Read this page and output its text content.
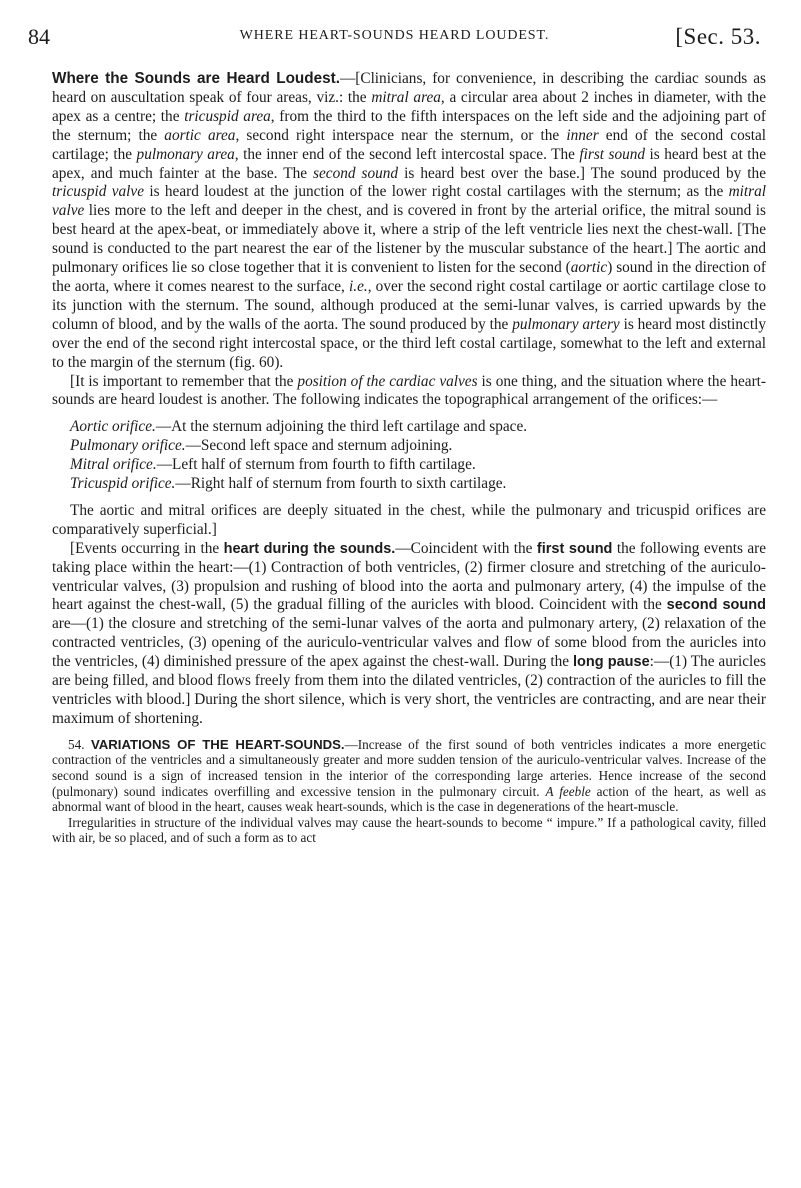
84	WHERE HEART-SOUNDS HEARD LOUDEST.	[Sec. 53.

Where the Sounds are Heard Loudest.—[Clinicians, for convenience, in describing the cardiac sounds as heard on auscultation speak of four areas, viz.: the mitral area, a circular area about 2 inches in diameter, with the apex as a centre; the tricuspid area, from the third to the fifth interspaces on the left side and the adjoining part of the sternum; the aortic area, second right interspace near the sternum, or the inner end of the second costal cartilage; the pulmonary area, the inner end of the second left intercostal space. The first sound is heard best at the apex, and much fainter at the base. The second sound is heard best over the base.] The sound produced by the tricuspid valve is heard loudest at the junction of the lower right costal cartilages with the sternum; as the mitral valve lies more to the left and deeper in the chest, and is covered in front by the arterial orifice, the mitral sound is best heard at the apex-beat, or immediately above it, where a strip of the left ventricle lies next the chest-wall. [The sound is conducted to the part nearest the ear of the listener by the muscular substance of the heart.] The aortic and pulmonary orifices lie so close together that it is convenient to listen for the second (aortic) sound in the direction of the aorta, where it comes nearest to the surface, i.e., over the second right costal cartilage or aortic cartilage close to its junction with the sternum. The sound, although produced at the semi-lunar valves, is carried upwards by the column of blood, and by the walls of the aorta. The sound produced by the pulmonary artery is heard most distinctly over the end of the second right intercostal space, or the third left costal cartilage, somewhat to the left and external to the margin of the sternum (fig. 60).

[It is important to remember that the position of the cardiac valves is one thing, and the situation where the heart-sounds are heard loudest is another. The following indicates the topographical arrangement of the orifices:—

Aortic orifice.—At the sternum adjoining the third left cartilage and space.
Pulmonary orifice.—Second left space and sternum adjoining.
Mitral orifice.—Left half of sternum from fourth to fifth cartilage.
Tricuspid orifice.—Right half of sternum from fourth to sixth cartilage.

The aortic and mitral orifices are deeply situated in the chest, while the pulmonary and tricuspid orifices are comparatively superficial.]

[Events occurring in the heart during the sounds.—Coincident with the first sound the following events are taking place within the heart:—(1) Contraction of both ventricles, (2) firmer closure and stretching of the auriculo-ventricular valves, (3) propulsion and rushing of blood into the aorta and pulmonary artery, (4) the impulse of the heart against the chest-wall, (5) the gradual filling of the auricles with blood. Coincident with the second sound are—(1) the closure and stretching of the semi-lunar valves of the aorta and pulmonary artery, (2) relaxation of the contracted ventricles, (3) opening of the auriculo-ventricular valves and flow of some blood from the auricles into the ventricles, (4) diminished pressure of the apex against the chest-wall. During the long pause:—(1) The auricles are being filled, and blood flows freely from them into the dilated ventricles, (2) contraction of the auricles to fill the ventricles with blood.] During the short silence, which is very short, the ventricles are contracting, and are near their maximum of shortening.

54. VARIATIONS OF THE HEART-SOUNDS.—Increase of the first sound of both ventricles indicates a more energetic contraction of the ventricles and a simultaneously greater and more sudden tension of the auriculo-ventricular valves. Increase of the second sound is a sign of increased tension in the interior of the corresponding large arteries. Hence increase of the second (pulmonary) sound indicates overfilling and excessive tension in the pulmonary circuit. A feeble action of the heart, as well as abnormal want of blood in the heart, causes weak heart-sounds, which is the case in degenerations of the heart-muscle.

Irregularities in structure of the individual valves may cause the heart-sounds to become “ impure.” If a pathological cavity, filled with air, be so placed, and of such a form as to act
